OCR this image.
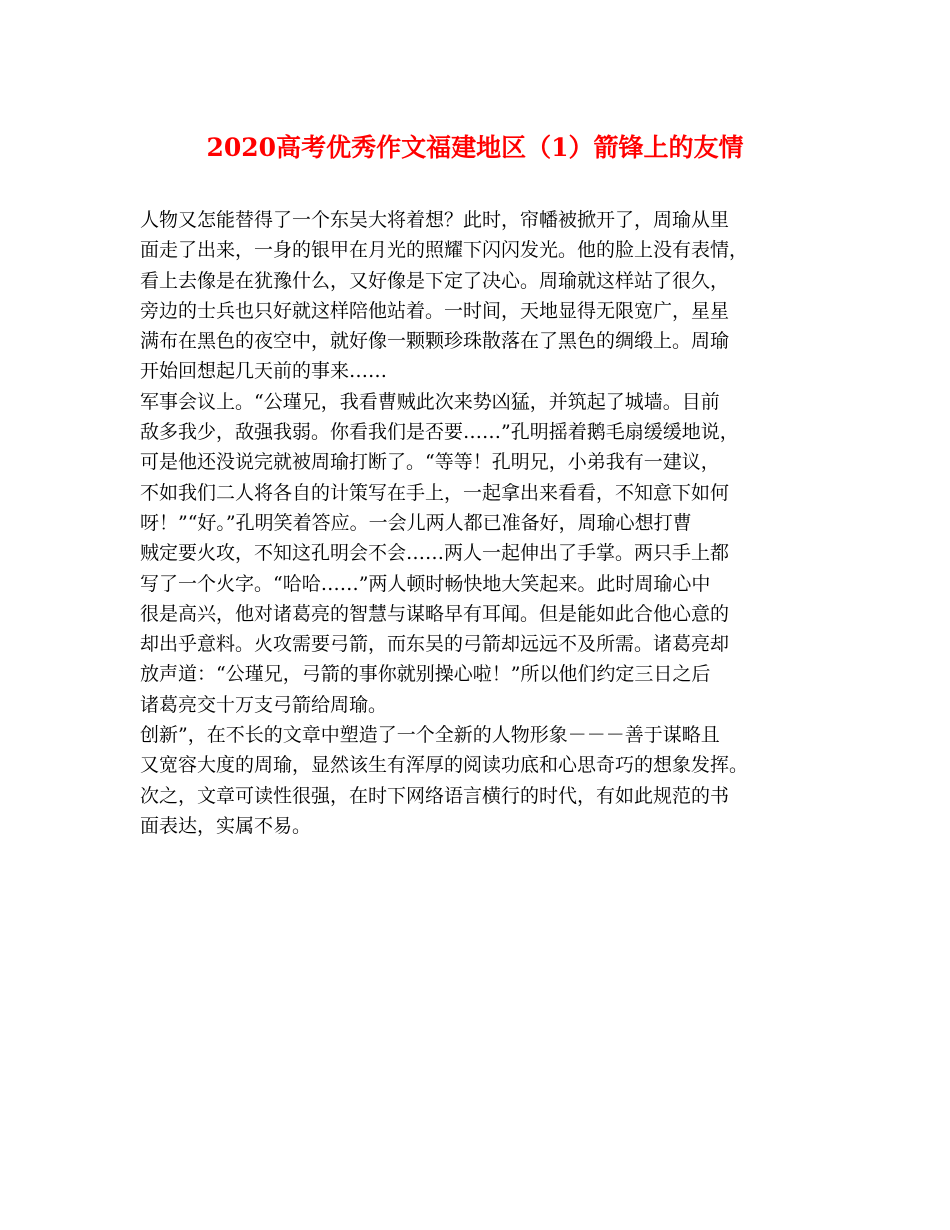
2020高考优秀作文福建地区（1）箭锋上的友情
人物又怎能替得了一个东吴大将着想？此时，帘幡被掀开了，周瑜从里
面走了出来，一身的银甲在月光的照耀下闪闪发光。他的脸上没有表情，
看上去像是在犹豫什么，又好像是下定了决心。周瑜就这样站了很久，
旁边的士兵也只好就这样陪他站着。一时间，天地显得无限宽广，星星
满布在黑色的夜空中，就好像一颗颗珍珠散落在了黑色的绸缎上。周瑜
开始回想起几天前的事来……
军事会议上。“公瑾兄，我看曹贼此次来势凶猛，并筑起了城墙。目前
敌多我少，敌强我弱。你看我们是否要……”孔明摇着鹅毛扇缓缓地说，
可是他还没说完就被周瑜打断了。“等等！孔明兄，小弟我有一建议，
不如我们二人将各自的计策写在手上，一起拿出来看看，不知意下如何
呀！”“好。”孔明笑着答应。一会儿两人都已准备好，周瑜心想打曹
贼定要火攻，不知这孔明会不会……两人一起伸出了手掌。两只手上都
写了一个火字。“哈哈……”两人顿时畅快地大笑起来。此时周瑜心中
很是高兴，他对诸葛亮的智慧与谋略早有耳闻。但是能如此合他心意的
却出乎意料。火攻需要弓箭，而东吴的弓箭却远远不及所需。诸葛亮却
放声道：“公瑾兄，弓箭的事你就别操心啦！”所以他们约定三日之后
诸葛亮交十万支弓箭给周瑜。
创新”，在不长的文章中塑造了一个全新的人物形象－－－善于谋略且
又宽容大度的周瑜，显然该生有浑厚的阅读功底和心思奇巧的想象发挥。
次之，文章可读性很强，在时下网络语言横行的时代，有如此规范的书
面表达，实属不易。
